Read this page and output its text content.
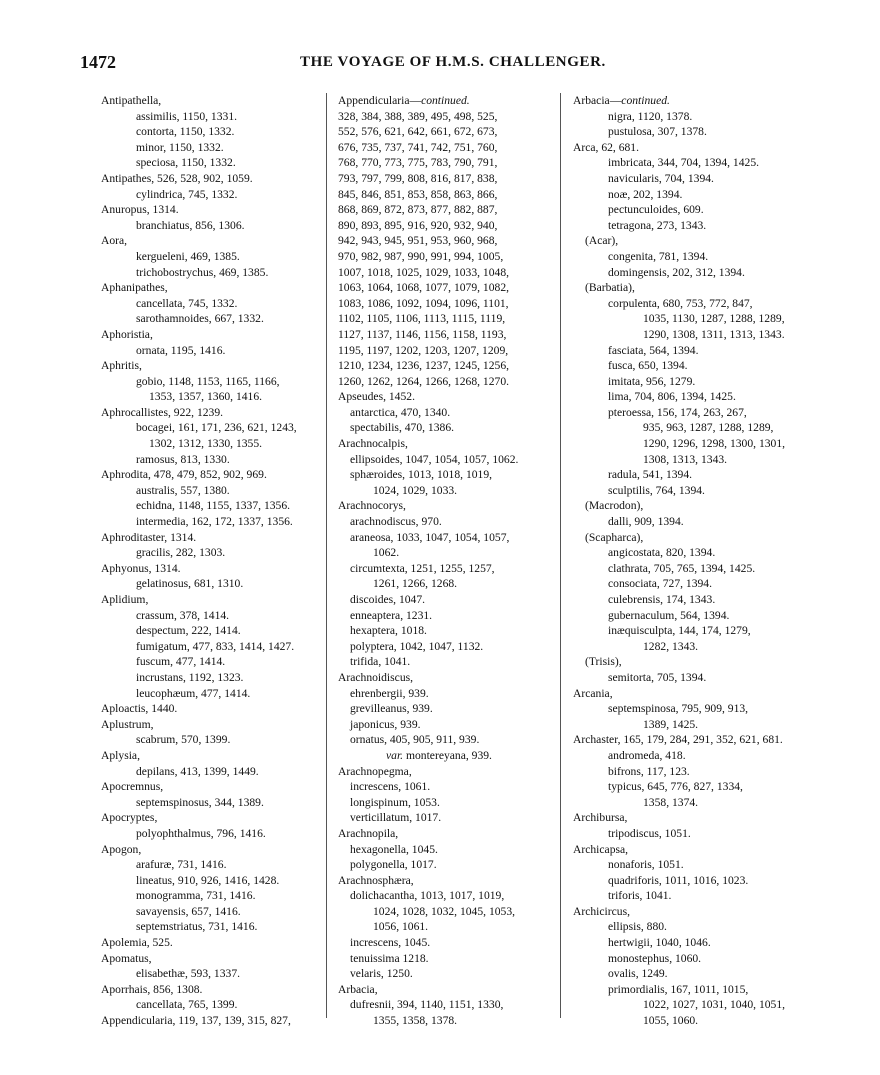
1472	THE VOYAGE OF H.M.S. CHALLENGER.
Antipathella,
assimilis, 1150, 1331.
contorta, 1150, 1332.
minor, 1150, 1332.
speciosa, 1150, 1332.
Antipathes, 526, 528, 902, 1059.
cylindrica, 745, 1332.
Anuropus, 1314.
branchiatus, 856, 1306.
Aora,
kergueleni, 469, 1385.
trichobostrychus, 469, 1385.
Aphanipathes,
cancellata, 745, 1332.
sarothamnoides, 667, 1332.
Aphoristia,
ornata, 1195, 1416.
Aphritis,
gobio, 1148, 1153, 1165, 1166,
1353, 1357, 1360, 1416.
Aphrocallistes, 922, 1239.
bocagei, 161, 171, 236, 621, 1243,
1302, 1312, 1330, 1355.
ramosus, 813, 1330.
Aphrodita, 478, 479, 852, 902, 969.
australis, 557, 1380.
echidna, 1148, 1155, 1337, 1356.
intermedia, 162, 172, 1337, 1356.
Aphroditaster, 1314.
gracilis, 282, 1303.
Aphyonus, 1314.
gelatinosus, 681, 1310.
Aplidium,
crassum, 378, 1414.
despectum, 222, 1414.
fumigatum, 477, 833, 1414, 1427.
fuscum, 477, 1414.
incrustans, 1192, 1323.
leucophæum, 477, 1414.
Aploactis, 1440.
Aplustrum,
scabrum, 570, 1399.
Aplysia,
depilans, 413, 1399, 1449.
Apocremnus,
septemspinosus, 344, 1389.
Apocryptes,
polyophthalmus, 796, 1416.
Apogon,
arafuræ, 731, 1416.
lineatus, 910, 926, 1416, 1428.
monogramma, 731, 1416.
savayensis, 657, 1416.
septemstriatus, 731, 1416.
Apolemia, 525.
Apomatus,
elisabethæ, 593, 1337.
Aporrhais, 856, 1308.
cancellata, 765, 1399.
Appendicularia, 119, 137, 139, 315, 827,
Appendicularia—continued.
328, 384, 388, 389, 495, 498, 525,
552, 576, 621, 642, 661, 672, 673,
676, 735, 737, 741, 742, 751, 760,
768, 770, 773, 775, 783, 790, 791,
793, 797, 799, 808, 816, 817, 838,
845, 846, 851, 853, 858, 863, 866,
868, 869, 872, 873, 877, 882, 887,
890, 893, 895, 916, 920, 932, 940,
942, 943, 945, 951, 953, 960, 968,
970, 982, 987, 990, 991, 994, 1005,
1007, 1018, 1025, 1029, 1033, 1048,
1063, 1064, 1068, 1077, 1079, 1082,
1083, 1086, 1092, 1094, 1096, 1101,
1102, 1105, 1106, 1113, 1115, 1119,
1127, 1137, 1146, 1156, 1158, 1193,
1195, 1197, 1202, 1203, 1207, 1209,
1210, 1234, 1236, 1237, 1245, 1256,
1260, 1262, 1264, 1266, 1268, 1270.
Apseudes, 1452.
antarctica, 470, 1340.
spectabilis, 470, 1386.
Arachnocalpis,
ellipsoides, 1047, 1054, 1057, 1062.
sphæroides, 1013, 1018, 1019,
1024, 1029, 1033.
Arachnocorys,
arachnodiscus, 970.
araneosa, 1033, 1047, 1054, 1057,
1062.
circumtexta, 1251, 1255, 1257,
1261, 1266, 1268.
discoides, 1047.
enneaptera, 1231.
hexaptera, 1018.
polyptera, 1042, 1047, 1132.
trifida, 1041.
Arachnoidiscus,
ehrenbergii, 939.
grevilleanus, 939.
japonicus, 939.
ornatus, 405, 905, 911, 939.
var. montereyana, 939.
Arachnopegma,
increscens, 1061.
longispinum, 1053.
verticillatum, 1017.
Arachnopila,
hexagonella, 1045.
polygonella, 1017.
Arachnosphæra,
dolichacantha, 1013, 1017, 1019,
1024, 1028, 1032, 1045, 1053,
1056, 1061.
increscens, 1045.
tenuissima 1218.
velaris, 1250.
Arbacia,
dufresnii, 394, 1140, 1151, 1330,
1355, 1358, 1378.
Arbacia—continued.
nigra, 1120, 1378.
pustulosa, 307, 1378.
Arca, 62, 681.
imbricata, 344, 704, 1394, 1425.
navicularis, 704, 1394.
noæ, 202, 1394.
pectunculoides, 609.
tetragona, 273, 1343.
(Acar),
congenita, 781, 1394.
domingensis, 202, 312, 1394.
(Barbatia),
corpulenta, 680, 753, 772, 847,
1035, 1130, 1287, 1288, 1289,
1290, 1308, 1311, 1313, 1343.
fasciata, 564, 1394.
fusca, 650, 1394.
imitata, 956, 1279.
lima, 704, 806, 1394, 1425.
pteroessa, 156, 174, 263, 267,
935, 963, 1287, 1288, 1289,
1290, 1296, 1298, 1300, 1301,
1308, 1313, 1343.
radula, 541, 1394.
sculptilis, 764, 1394.
(Macrodon),
dalli, 909, 1394.
(Scapharca),
angicostata, 820, 1394.
clathrata, 705, 765, 1394, 1425.
consociata, 727, 1394.
culebrensis, 174, 1343.
gubernaculum, 564, 1394.
inæquisculpta, 144, 174, 1279,
1282, 1343.
(Trisis),
semitorta, 705, 1394.
Arcania,
septemspinosa, 795, 909, 913,
1389, 1425.
Archaster, 165, 179, 284, 291, 352, 621, 681.
andromeda, 418.
bifrons, 117, 123.
typicus, 645, 776, 827, 1334,
1358, 1374.
Archibursa,
tripodiscus, 1051.
Archicapsa,
nonaforis, 1051.
quadriforis, 1011, 1016, 1023.
triforis, 1041.
Archicircus,
ellipsis, 880.
hertwigii, 1040, 1046.
monostephus, 1060.
ovalis, 1249.
primordialis, 167, 1011, 1015,
1022, 1027, 1031, 1040, 1051,
1055, 1060.
